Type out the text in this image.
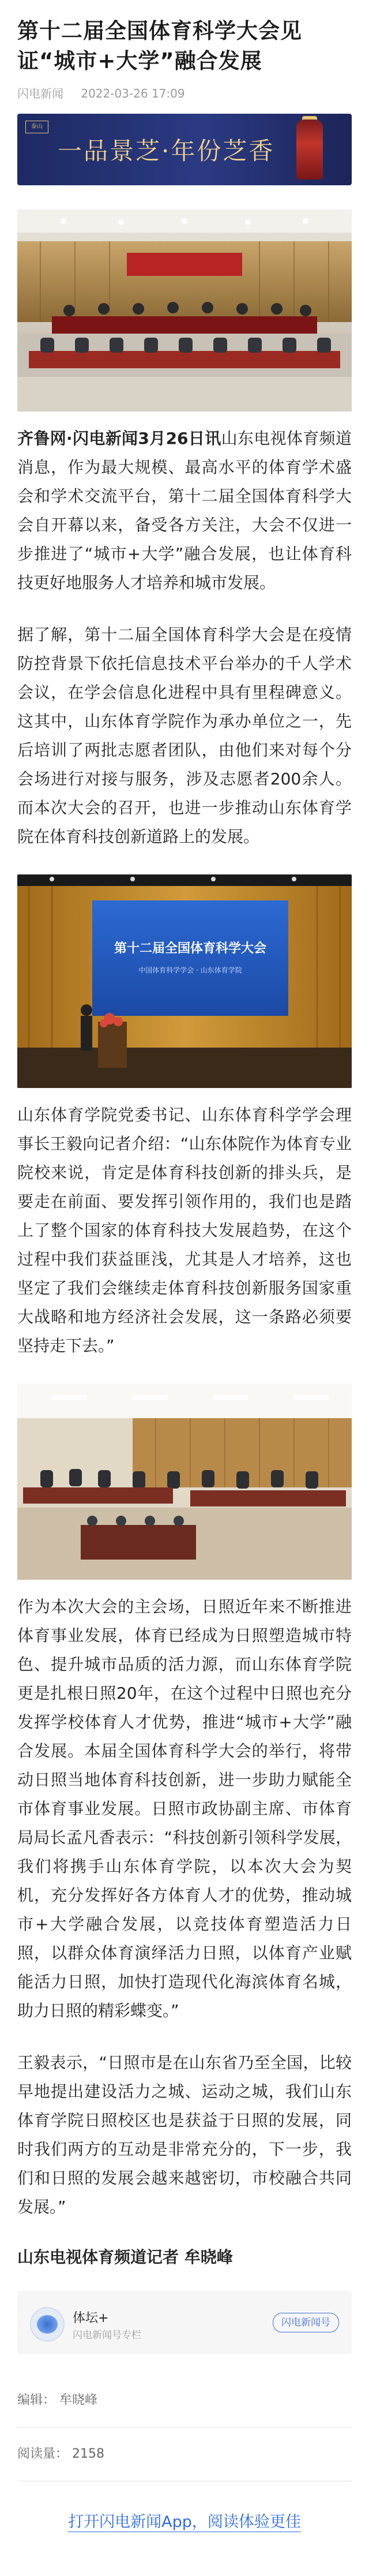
第十二届全国体育科学大会见证“城市+大学”融合发展
闪电新闻 2022-03-26 17:09
泰山
一品景芝·年份芝香

齐鲁网·闪电新闻3月26日讯山东电视体育频道消息，作为最大规模、最高水平的体育学术盛会和学术交流平台，第十二届全国体育科学大会自开幕以来，备受各方关注，大会不仅进一步推进了“城市+大学”融合发展，也让体育科技更好地服务人才培养和城市发展。

据了解，第十二届全国体育科学大会是在疫情防控背景下依托信息技术平台举办的千人学术会议，在学会信息化进程中具有里程碑意义。这其中，山东体育学院作为承办单位之一，先后培训了两批志愿者团队，由他们来对每个分会场进行对接与服务，涉及志愿者200余人。而本次大会的召开，也进一步推动山东体育学院在体育科技创新道路上的发展。

第十二届全国体育科学大会
中国体育科学学会 · 山东体育学院

山东体育学院党委书记、山东体育科学学会理事长王毅向记者介绍：“山东体院作为体育专业院校来说，肯定是体育科技创新的排头兵，是要走在前面、要发挥引领作用的，我们也是踏上了整个国家的体育科技大发展趋势，在这个过程中我们获益匪浅，尤其是人才培养，这也坚定了我们会继续走体育科技创新服务国家重大战略和地方经济社会发展，这一条路必须要坚持走下去。”

作为本次大会的主会场，日照近年来不断推进体育事业发展，体育已经成为日照塑造城市特色、提升城市品质的活力源，而山东体育学院更是扎根日照20年，在这个过程中日照也充分发挥学校体育人才优势，推进“城市+大学”融合发展。本届全国体育科学大会的举行，将带动日照当地体育科技创新，进一步助力赋能全市体育事业发展。日照市政协副主席、市体育局局长孟凡香表示：“科技创新引领科学发展，我们将携手山东体育学院，以本次大会为契机，充分发挥好各方体育人才的优势，推动城市+大学融合发展，以竞技体育塑造活力日照，以群众体育演绎活力日照，以体育产业赋能活力日照，加快打造现代化海滨体育名城，助力日照的精彩蝶变。”

王毅表示，“日照市是在山东省乃至全国，比较早地提出建设活力之城、运动之城，我们山东体育学院日照校区也是获益于日照的发展，同时我们两方的互动是非常充分的，下一步，我们和日照的发展会越来越密切，市校融合共同发展。”

山东电视体育频道记者 牟晓峰
体坛+
闪电新闻号专栏
闪电新闻号
编辑： 牟晓峰
阅读量： 2158
打开闪电新闻App，阅读体验更佳
